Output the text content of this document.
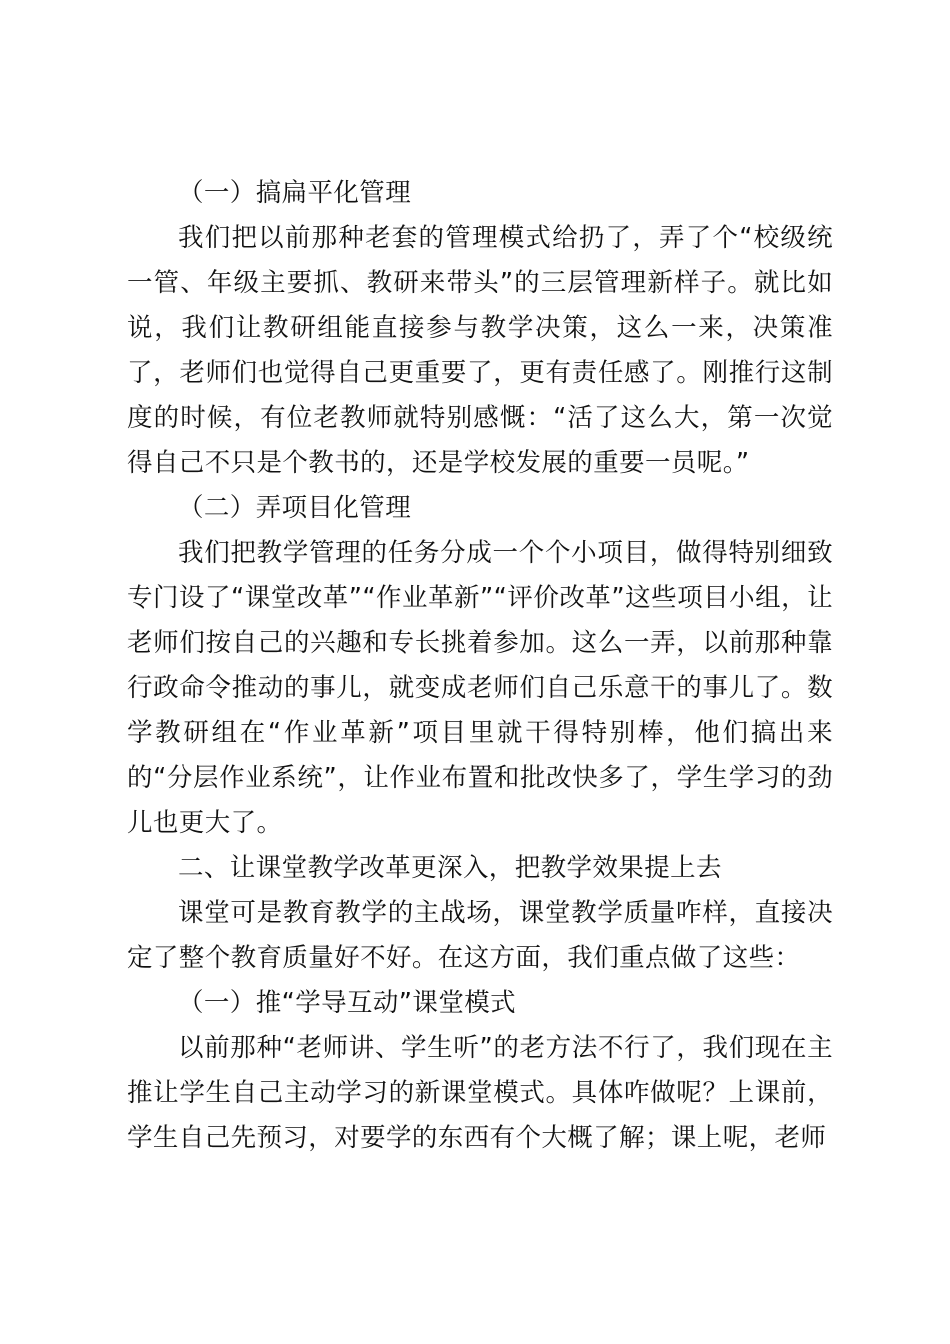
（一）搞扁平化管理

我们把以前那种老套的管理模式给扔了，弄了个“校级统一管、年级主要抓、教研来带头”的三层管理新样子。就比如说，我们让教研组能直接参与教学决策，这么一来，决策准了，老师们也觉得自己更重要了，更有责任感了。刚推行这制度的时候，有位老教师就特别感慨：“活了这么大，第一次觉得自己不只是个教书的，还是学校发展的重要一员呢。”

（二）弄项目化管理

我们把教学管理的任务分成一个个小项目，做得特别细致专门设了“课堂改革”“作业革新”“评价改革”这些项目小组，让老师们按自己的兴趣和专长挑着参加。这么一弄，以前那种靠行政命令推动的事儿，就变成老师们自己乐意干的事儿了。数学教研组在“作业革新”项目里就干得特别棒，他们搞出来的“分层作业系统”，让作业布置和批改快多了，学生学习的劲儿也更大了。

二、让课堂教学改革更深入，把教学效果提上去

课堂可是教育教学的主战场，课堂教学质量咋样，直接决定了整个教育质量好不好。在这方面，我们重点做了这些：

（一）推“学导互动”课堂模式

以前那种“老师讲、学生听”的老方法不行了，我们现在主推让学生自己主动学习的新课堂模式。具体咋做呢？上课前，学生自己先预习，对要学的东西有个大概了解；课上呢，老师
